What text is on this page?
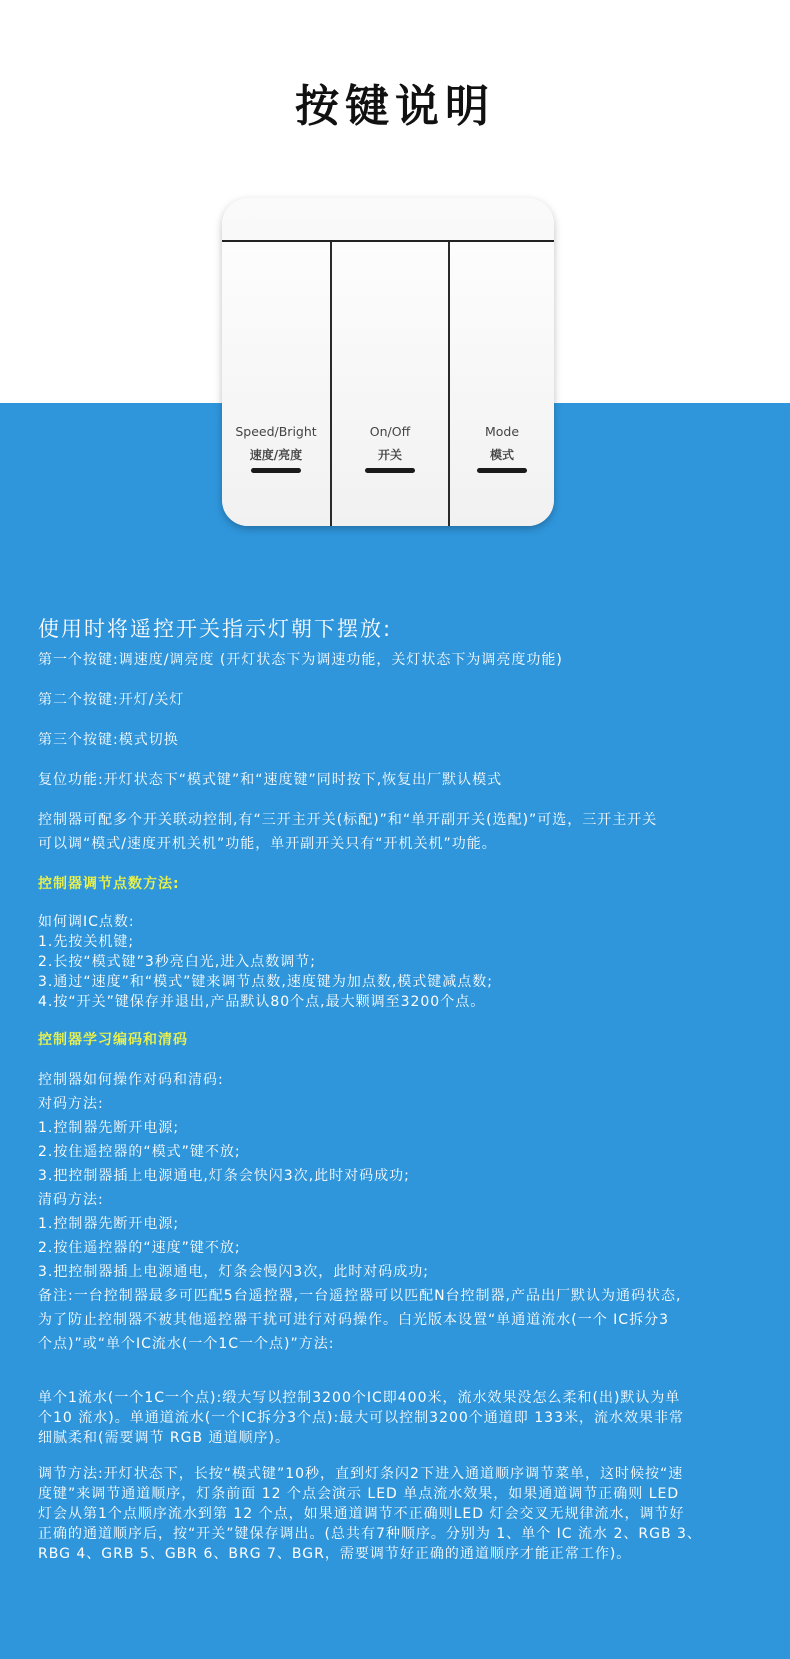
按键说明
Speed/Bright
速度/亮度
On/Off
开关
Mode
模式
使用时将遥控开关指示灯朝下摆放:
第一个按键:调速度/调亮度 (开灯状态下为调速功能，关灯状态下为调亮度功能)
第二个按键:开灯/关灯
第三个按键:模式切换
复位功能:开灯状态下“模式键”和“速度键”同时按下,恢复出厂默认模式
控制器可配多个开关联动控制,有“三开主开关(标配)”和“单开副开关(选配)”可选，三开主开关
可以调“模式/速度开机关机”功能，单开副开关只有“开机关机”功能。
控制器调节点数方法:
如何调IC点数:
1.先按关机键;
2.长按“模式键”3秒亮白光,进入点数调节;
3.通过“速度”和“模式”键来调节点数,速度键为加点数,模式键减点数;
4.按“开关”键保存并退出,产品默认80个点,最大颗调至3200个点。
控制器学习编码和清码
控制器如何操作对码和清码:
对码方法:
1.控制器先断开电源;
2.按住遥控器的“模式”键不放;
3.把控制器插上电源通电,灯条会快闪3次,此时对码成功;
清码方法:
1.控制器先断开电源;
2.按住遥控器的“速度”键不放;
3.把控制器插上电源通电，灯条会慢闪3次，此时对码成功;
备注:一台控制器最多可匹配5台遥控器,一台遥控器可以匹配N台控制器,产品出厂默认为通码状态,
为了防止控制器不被其他遥控器干扰可进行对码操作。白光版本设置“单通道流水(一个 IC拆分3
个点)”或“单个IC流水(一个1C一个点)”方法:
单个1流水(一个1C一个点):缎大写以控制3200个IC即400米，流水效果没怎么柔和(出)默认为单
个10 流水)。单通道流水(一个IC拆分3个点):最大可以控制3200个通道即 133米，流水效果非常
细腻柔和(需要调节 RGB 通道顺序)。
调节方法:开灯状态下，长按“模式键”10秒，直到灯条闪2下进入通道顺序调节菜单，这时候按“速
度键”来调节通道顺序，灯条前面 12 个点会演示 LED 单点流水效果，如果通道调节正确则 LED
灯会从第1个点顺序流水到第 12 个点，如果通道调节不正确则LED 灯会交叉无规律流水，调节好
正确的通道顺序后，按“开关”键保存调出。(总共有7种顺序。分别为 1、单个 IC 流水 2、RGB 3、
RBG 4、GRB 5、GBR 6、BRG 7、BGR，需要调节好正确的通道顺序才能正常工作)。
